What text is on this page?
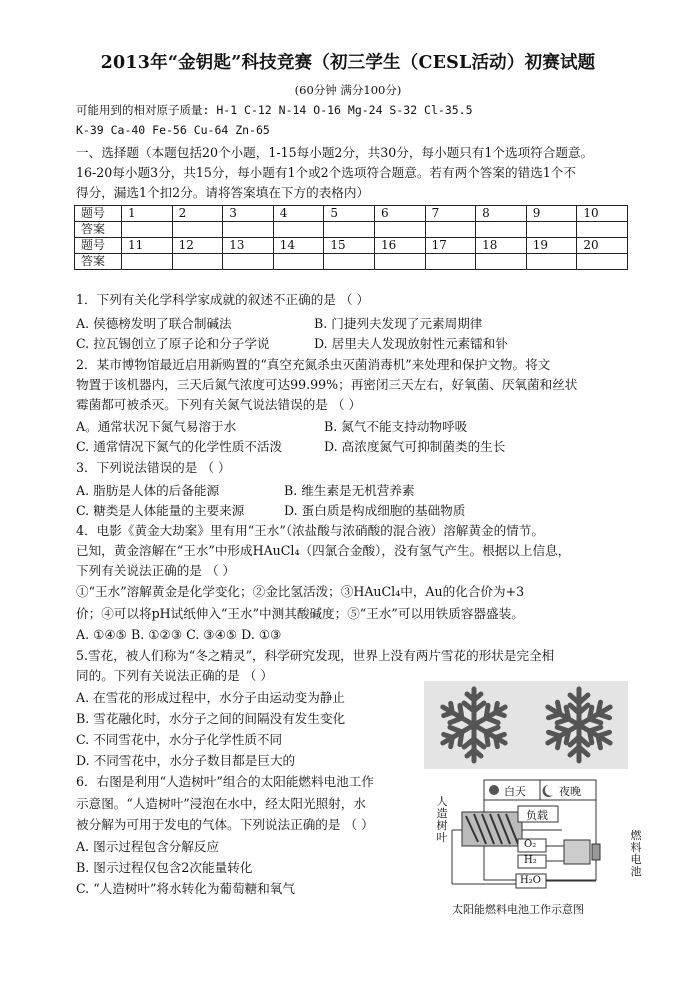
2013年“金钥匙”科技竞赛（初三学生（CESL活动）初赛试题
(60分钟 满分100分)
可能用到的相对原子质量: H-1 C-12 N-14 O-16 Mg-24 S-32 Cl-35.5
K-39 Ca-40 Fe-56 Cu-64 Zn-65
一、选择题（本题包括20个小题，1-15每小题2分，共30分，每小题只有1个选项符合题意。
16-20每小题3分，共15分，每小题有1个或2个选项符合题意。若有两个答案的错选1个不
得分，漏选1个扣2分。请将答案填在下方的表格内）
题号	1	2	3	4	5	6	7	8	9	10
答案										
题号	11	12	13	14	15	16	17	18	19	20
答案										
1．下列有关化学科学家成就的叙述不正确的是 （ ）
A. 侯德榜发明了联合制碱法	B. 门捷列夫发现了元素周期律
C. 拉瓦锡创立了原子论和分子学说	D. 居里夫人发现放射性元素镭和钋
2．某市博物馆最近启用新购置的“真空充氮杀虫灭菌消毒机”来处理和保护文物。将文
物置于该机器内，三天后氮气浓度可达99.99%；再密闭三天左右，好氧菌、厌氧菌和丝状
霉菌都可被杀灭。下列有关氮气说法错误的是 （ ）
A。通常状况下氮气易溶于水	B. 氮气不能支持动物呼吸
C. 通常情况下氮气的化学性质不活泼	D. 高浓度氮气可抑制菌类的生长
3．下列说法错误的是 （ ）
A. 脂肪是人体的后备能源	B. 维生素是无机营养素
C. 糖类是人体能量的主要来源	D. 蛋白质是构成细胞的基础物质
4．电影《黄金大劫案》里有用“王水”（浓盐酸与浓硝酸的混合液）溶解黄金的情节。
已知，黄金溶解在“王水”中形成HAuCl₄（四氯合金酸），没有氢气产生。根据以上信息，
下列有关说法正确的是 （ ）
①“王水”溶解黄金是化学变化；②金比氢活泼；③HAuCl₄中，Au的化合价为+3
价；④可以将pH试纸伸入“王水”中测其酸碱度；⑤“王水”可以用铁质容器盛装。
A. ①④⑤ B. ①②③ C. ③④⑤ D. ①③
5.雪花，被人们称为“冬之精灵”，科学研究发现，世界上没有两片雪花的形状是完全相
同的。下列有关说法正确的是 （ ）
A. 在雪花的形成过程中，水分子由运动变为静止
B. 雪花融化时，水分子之间的间隔没有发生变化
C. 不同雪花中，水分子化学性质不同
D. 不同雪花中，水分子数目都是巨大的
6．右图是利用“人造树叶”组合的太阳能燃料电池工作
示意图。“人造树叶”浸泡在水中，经太阳光照射，水
被分解为可用于发电的气体。下列说法正确的是 （ ）
A. 图示过程包含分解反应
B. 图示过程仅包含2次能量转化
C. “人造树叶”将水转化为葡萄糖和氧气
白天	夜晚
负载
O₂
H₂
H₂O
人造树叶	燃料电池
太阳能燃料电池工作示意图
